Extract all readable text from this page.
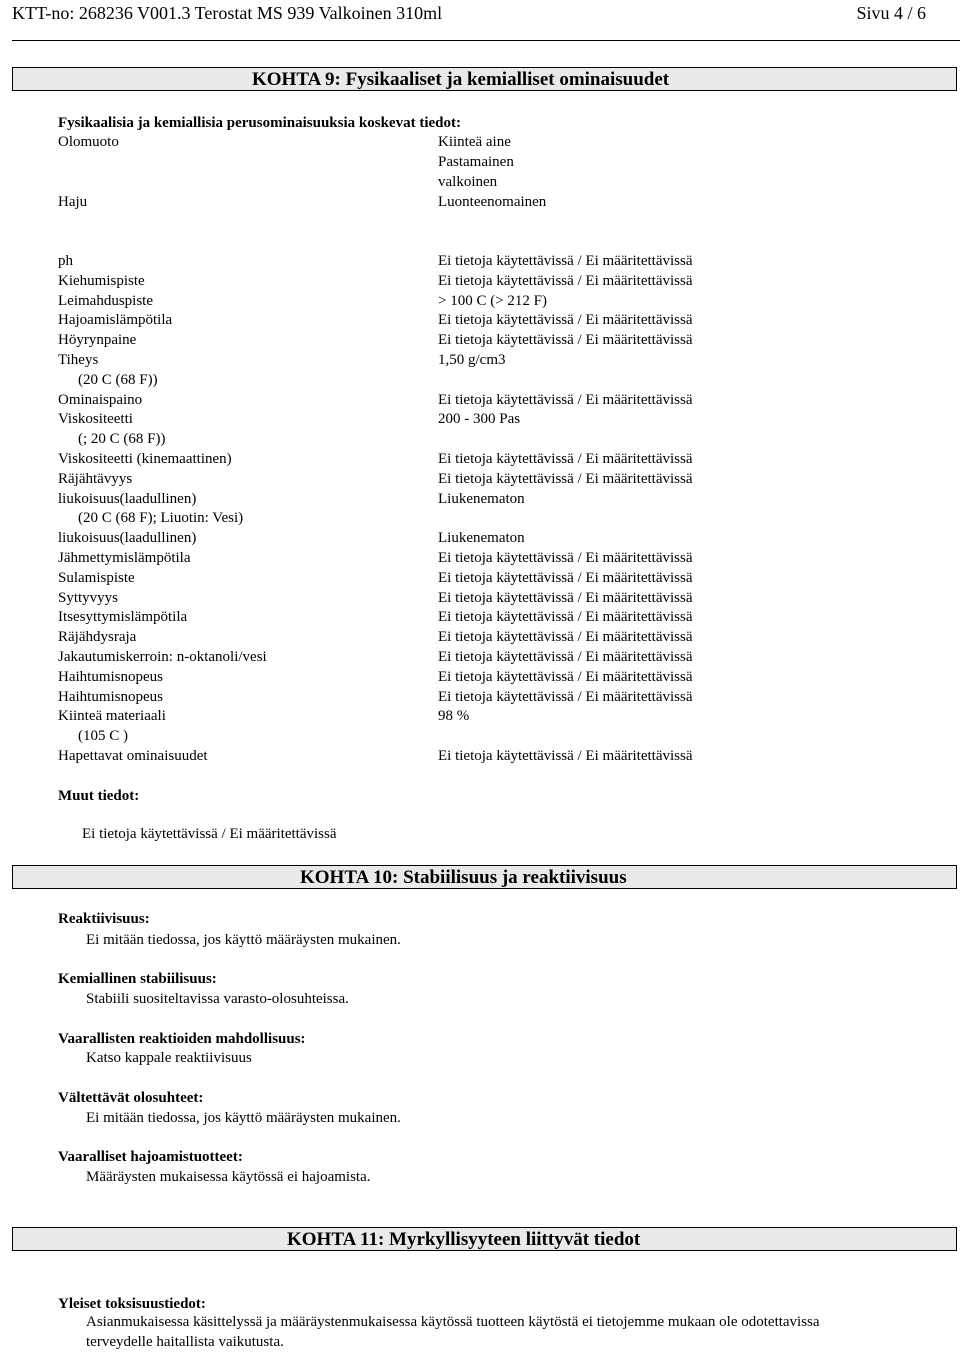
KTT-no: 268236 V001.3 Terostat MS 939 Valkoinen 310ml	Sivu 4 / 6
KOHTA 9: Fysikaaliset ja kemialliset ominaisuudet
Fysikaalisia ja kemiallisia perusominaisuuksia koskevat tiedot:
Olomuoto	Kiinteä aine
Pastamainen
valkoinen
Haju	Luonteenomainen
ph	Ei tietoja käytettävissä / Ei määritettävissä
Kiehumispiste	Ei tietoja käytettävissä / Ei määritettävissä
Leimahduspiste	> 100 C (> 212 F)
Hajoamislämpötila	Ei tietoja käytettävissä / Ei määritettävissä
Höyrynpaine	Ei tietoja käytettävissä / Ei määritettävissä
Tiheys	1,50 g/cm3
(20 C (68 F))
Ominaispaino	Ei tietoja käytettävissä / Ei määritettävissä
Viskositeetti	200 - 300 Pas
(; 20 C (68 F))
Viskositeetti (kinemaattinen)	Ei tietoja käytettävissä / Ei määritettävissä
Räjähtävyys	Ei tietoja käytettävissä / Ei määritettävissä
liukoisuus(laadullinen)	Liukenematon
(20 C (68 F); Liuotin: Vesi)
liukoisuus(laadullinen)	Liukenematon
Jähmettymislämpötila	Ei tietoja käytettävissä / Ei määritettävissä
Sulamispiste	Ei tietoja käytettävissä / Ei määritettävissä
Syttyvyys	Ei tietoja käytettävissä / Ei määritettävissä
Itsesyttymislämpötila	Ei tietoja käytettävissä / Ei määritettävissä
Räjähdysraja	Ei tietoja käytettävissä / Ei määritettävissä
Jakautumiskerroin: n-oktanoli/vesi	Ei tietoja käytettävissä / Ei määritettävissä
Haihtumisnopeus	Ei tietoja käytettävissä / Ei määritettävissä
Haihtumisnopeus	Ei tietoja käytettävissä / Ei määritettävissä
Kiinteä materiaali	98 %
(105 C )
Hapettavat ominaisuudet	Ei tietoja käytettävissä / Ei määritettävissä
Muut tiedot:
Ei tietoja käytettävissä / Ei määritettävissä
KOHTA 10: Stabiilisuus ja reaktiivisuus
Reaktiivisuus:
Ei mitään tiedossa, jos käyttö määräysten mukainen.
Kemiallinen stabiilisuus:
Stabiili suositeltavissa varasto-olosuhteissa.
Vaarallisten reaktioiden mahdollisuus:
Katso kappale reaktiivisuus
Vältettävät olosuhteet:
Ei mitään tiedossa, jos käyttö määräysten mukainen.
Vaaralliset hajoamistuotteet:
Määräysten mukaisessa käytössä ei hajoamista.
KOHTA 11: Myrkyllisyyteen liittyvät tiedot
Yleiset toksisuustiedot:
Asianmukaisessa käsittelyssä ja määräystenmukaisessa käytössä tuotteen käytöstä ei tietojemme mukaan ole odotettavissa
terveydelle haitallista vaikutusta.
